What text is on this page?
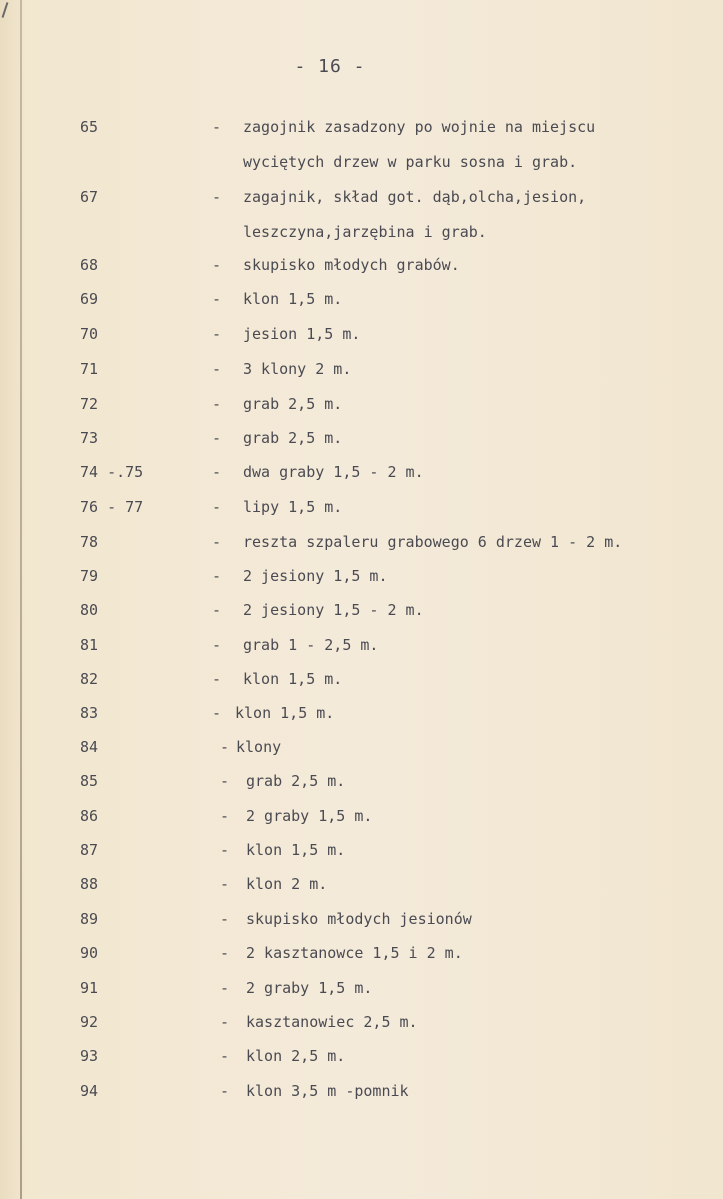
- 16 -
65	- zagojnik zasadzony po wojnie na miejscu
wyciętych drzew w parku sosna i grab.
67	- zagajnik, skład got. dąb,olcha,jesion,
leszczyna,jarzębina i grab.
68	- skupisko młodych grabów.
69	- klon 1,5 m.
70	- jesion 1,5 m.
71	- 3 klony 2 m.
72	- grab 2,5 m.
73	- grab 2,5 m.
74 -.75	- dwa graby 1,5 - 2 m.
76 - 77	- lipy 1,5 m.
78	- reszta szpaleru grabowego 6 drzew 1 - 2 m.
79	- 2 jesiony 1,5 m.
80	- 2 jesiony 1,5 - 2 m.
81	- grab 1 - 2,5 m.
82	- klon 1,5 m.
83	- klon 1,5 m.
84	- klony
85	- grab 2,5 m.
86	- 2 graby 1,5 m.
87	- klon 1,5 m.
88	- klon 2 m.
89	- skupisko młodych jesionów
90	- 2 kasztanowce 1,5 i 2 m.
91	- 2 graby 1,5 m.
92	- kasztanowiec 2,5 m.
93	- klon 2,5 m.
94	- klon 3,5 m -pomnik
